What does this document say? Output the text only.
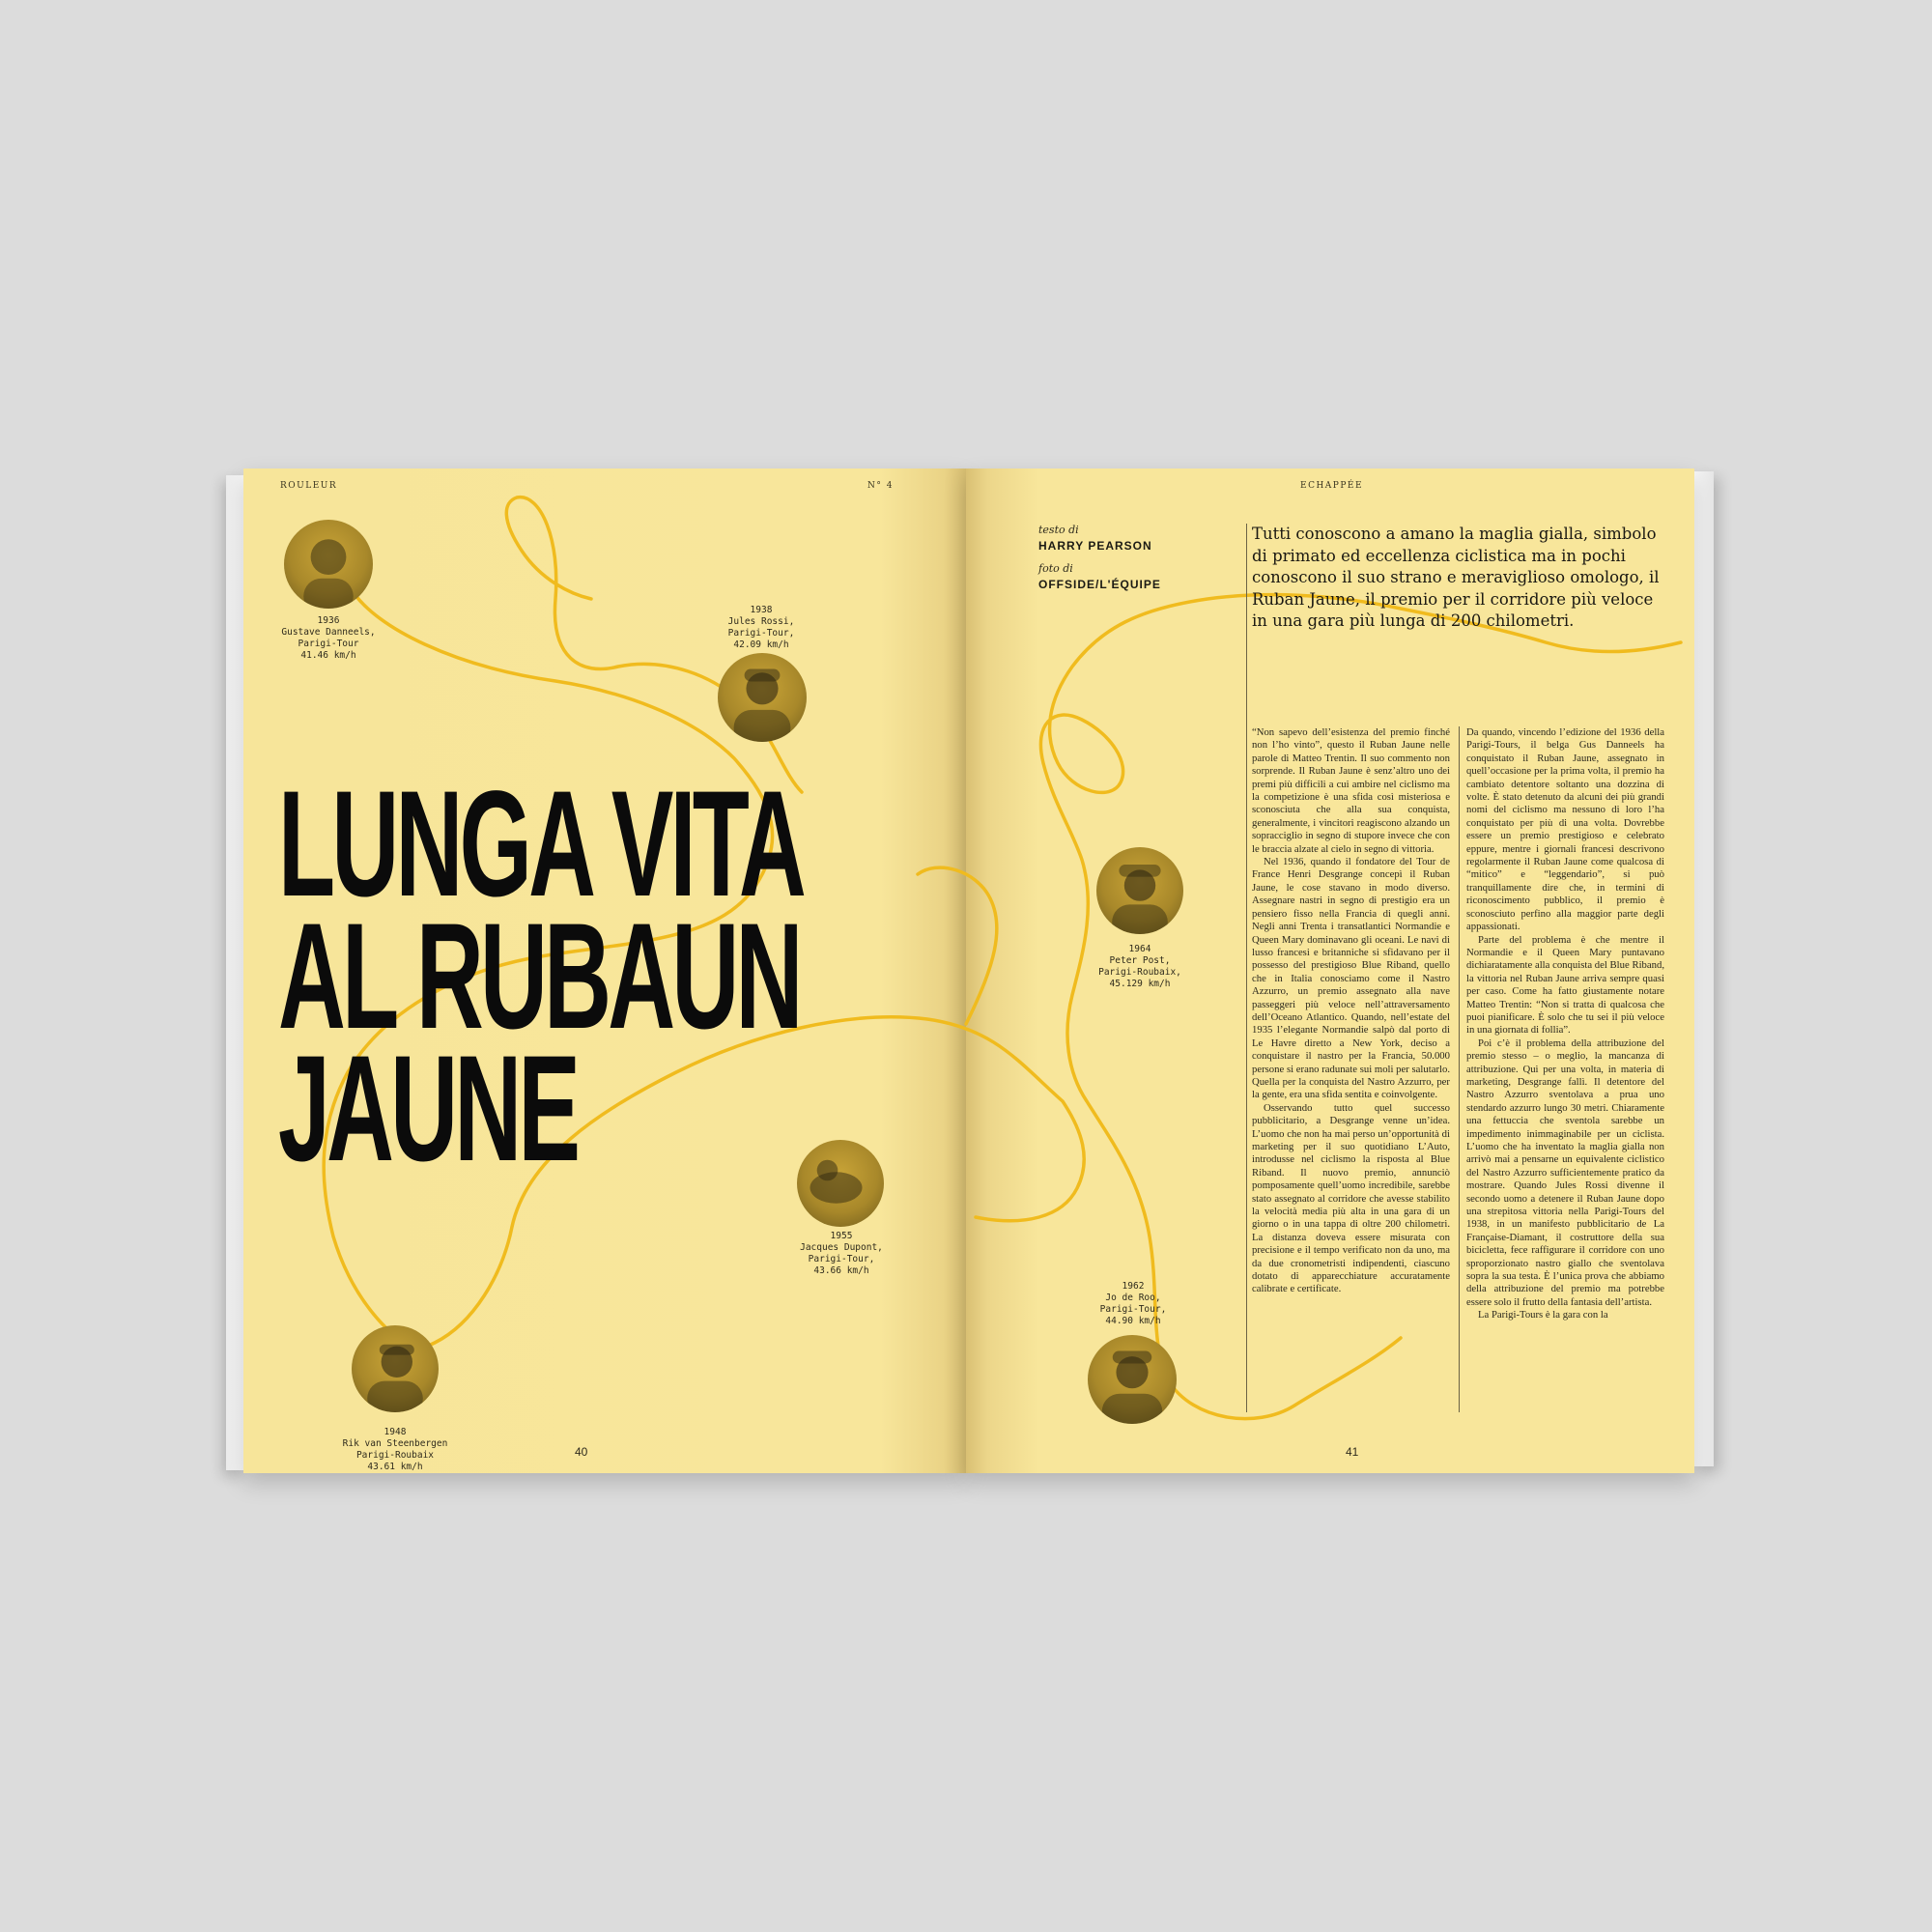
ROULEUR	N° 4	ECHAPPÉE
1936
Gustave Danneels,
Parigi-Tour
41.46 km/h
1938
Jules Rossi,
Parigi-Tour,
42.09 km/h
1955
Jacques Dupont,
Parigi-Tour,
43.66 km/h
1948
Rik van Steenbergen
Parigi-Roubaix
43.61 km/h
LUNGA VITA
AL RUBAUN
JAUNE
40	41
testo di
HARRY PEARSON
foto di
OFFSIDE/L'ÉQUIPE
Tutti conoscono a amano la maglia gialla, simbolo di primato ed eccellenza ciclistica ma in pochi conoscono il suo strano e meraviglioso omologo, il Ruban Jaune, il premio per il corridore più veloce in una gara più lunga di 200 chilometri.
1964
Peter Post,
Parigi-Roubaix,
45.129 km/h
1962
Jo de Roo,
Parigi-Tour,
44.90 km/h

“Non sapevo dell’esistenza del premio finché non l’ho vinto”, questo il Ruban Jaune nelle parole di Matteo Trentin. Il suo commento non sorprende. Il Ruban Jaune è senz’altro uno dei premi più difficili a cui ambire nel ciclismo ma la competizione è una sfida così misteriosa e sconosciuta che alla sua conquista, generalmente, i vincitori reagiscono alzando un sopracciglio in segno di stupore invece che con le braccia alzate al cielo in segno di vittoria.

Nel 1936, quando il fondatore del Tour de France Henri Desgrange concepì il Ruban Jaune, le cose stavano in modo diverso. Assegnare nastri in segno di prestigio era un pensiero fisso nella Francia di quegli anni. Negli anni Trenta i transatlantici Normandie e Queen Mary dominavano gli oceani. Le navi di lusso francesi e britanniche si sfidavano per il possesso del prestigioso Blue Riband, quello che in Italia conosciamo come il Nastro Azzurro, un premio assegnato alla nave passeggeri più veloce nell’attraversamento dell’Oceano Atlantico. Quando, nell’estate del 1935 l’elegante Normandie salpò dal porto di Le Havre diretto a New York, deciso a conquistare il nastro per la Francia, 50.000 persone si erano radunate sui moli per salutarlo. Quella per la conquista del Nastro Azzurro, per la gente, era una sfida sentita e coinvolgente.

Osservando tutto quel successo pubblicitario, a Desgrange venne un’idea. L’uomo che non ha mai perso un’opportunità di marketing per il suo quotidiano L’Auto, introdusse nel ciclismo la risposta al Blue Riband. Il nuovo premio, annunciò pomposamente quell’uomo incredibile, sarebbe stato assegnato al corridore che avesse stabilito la velocità media più alta in una gara di un giorno o in una tappa di oltre 200 chilometri. La distanza doveva essere misurata con precisione e il tempo verificato non da uno, ma da due cronometristi indipendenti, ciascuno dotato di apparecchiature accuratamente calibrate e certificate.

Da quando, vincendo l’edizione del 1936 della Parigi-Tours, il belga Gus Danneels ha conquistato il Ruban Jaune, assegnato in quell’occasione per la prima volta, il premio ha cambiato detentore soltanto una dozzina di volte. È stato detenuto da alcuni dei più grandi nomi del ciclismo ma nessuno di loro l’ha conquistato per più di una volta. Dovrebbe essere un premio prestigioso e celebrato eppure, mentre i giornali francesi descrivono regolarmente il Ruban Jaune come qualcosa di “mitico” e “leggendario”, si può tranquillamente dire che, in termini di riconoscimento pubblico, il premio è sconosciuto perfino alla maggior parte degli appassionati.

Parte del problema è che mentre il Normandie e il Queen Mary puntavano dichiaratamente alla conquista del Blue Riband, la vittoria nel Ruban Jaune arriva sempre quasi per caso. Come ha fatto giustamente notare Matteo Trentin: “Non si tratta di qualcosa che puoi pianificare. È solo che tu sei il più veloce in una giornata di follia”.

Poi c’è il problema della attribuzione del premio stesso – o meglio, la mancanza di attribuzione. Qui per una volta, in materia di marketing, Desgrange fallì. Il detentore del Nastro Azzurro sventolava a prua uno stendardo azzurro lungo 30 metri. Chiaramente una fettuccia che sventola sarebbe un impedimento inimmaginabile per un ciclista. L’uomo che ha inventato la maglia gialla non arrivò mai a pensarne un equivalente ciclistico del Nastro Azzurro sufficientemente pratico da mostrare. Quando Jules Rossi divenne il secondo uomo a detenere il Ruban Jaune dopo una strepitosa vittoria nella Parigi-Tours del 1938, in un manifesto pubblicitario de La Française-Diamant, il costruttore della sua bicicletta, fece raffigurare il corridore con uno sproporzionato nastro giallo che sventolava sopra la sua testa. È l’unica prova che abbiamo della attribuzione del premio ma potrebbe essere solo il frutto della fantasia dell’artista.

La Parigi-Tours è la gara con la
